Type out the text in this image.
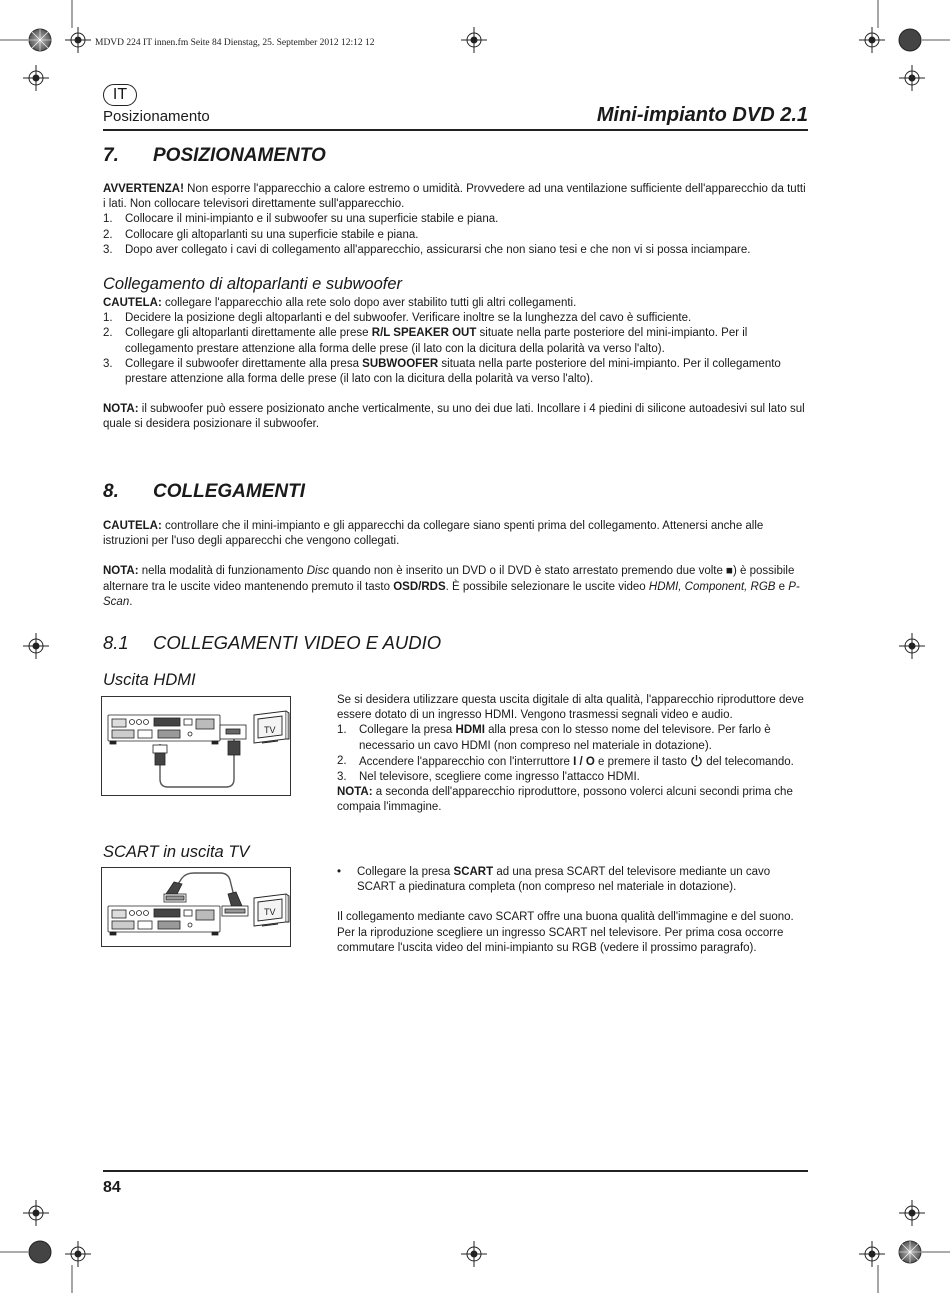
MDVD 224 IT innen.fm Seite 84 Dienstag, 25. September 2012 12:12 12
IT
Posizionamento	Mini-impianto DVD 2.1
7. POSIZIONAMENTO
AVVERTENZA! Non esporre l'apparecchio a calore estremo o umidità. Provvedere ad una ventilazione sufficiente dell'apparecchio da tutti i lati. Non collocare televisori direttamente sull'apparecchio.
1. Collocare il mini-impianto e il subwoofer su una superficie stabile e piana.
2. Collocare gli altoparlanti su una superficie stabile e piana.
3. Dopo aver collegato i cavi di collegamento all'apparecchio, assicurarsi che non siano tesi e che non vi si possa inciampare.
Collegamento di altoparlanti e subwoofer
CAUTELA: collegare l'apparecchio alla rete solo dopo aver stabilito tutti gli altri collegamenti.
1. Decidere la posizione degli altoparlanti e del subwoofer. Verificare inoltre se la lunghezza del cavo è sufficiente.
2. Collegare gli altoparlanti direttamente alle prese R/L SPEAKER OUT situate nella parte posteriore del mini-impianto. Per il collegamento prestare attenzione alla forma delle prese (il lato con la dicitura della polarità va verso l'alto).
3. Collegare il subwoofer direttamente alla presa SUBWOOFER situata nella parte posteriore del mini-impianto. Per il collegamento prestare attenzione alla forma delle prese (il lato con la dicitura della polarità va verso l'alto).
NOTA: il subwoofer può essere posizionato anche verticalmente, su uno dei due lati. Incollare i 4 piedini di silicone autoadesivi sul lato sul quale si desidera posizionare il subwoofer.
8. COLLEGAMENTI
CAUTELA: controllare che il mini-impianto e gli apparecchi da collegare siano spenti prima del collegamento. Attenersi anche alle istruzioni per l'uso degli apparecchi che vengono collegati.
NOTA: nella modalità di funzionamento Disc quando non è inserito un DVD o il DVD è stato arrestato premendo due volte ■) è possibile alternare tra le uscite video mantenendo premuto il tasto OSD/RDS. È possibile selezionare le uscite video HDMI, Component, RGB e P-Scan.
8.1 COLLEGAMENTI VIDEO E AUDIO
Uscita HDMI
TV
Se si desidera utilizzare questa uscita digitale di alta qualità, l'apparecchio riproduttore deve essere dotato di un ingresso HDMI. Vengono trasmessi segnali video e audio.
1. Collegare la presa HDMI alla presa con lo stesso nome del televisore. Per farlo è necessario un cavo HDMI (non compreso nel materiale in dotazione).
2. Accendere l'apparecchio con l'interruttore I / O e premere il tasto  del telecomando.
3. Nel televisore, scegliere come ingresso l'attacco HDMI.
NOTA: a seconda dell'apparecchio riproduttore, possono volerci alcuni secondi prima che compaia l'immagine.
SCART in uscita TV
TV
• Collegare la presa SCART ad una presa SCART del televisore mediante un cavo SCART a piedinatura completa (non compreso nel materiale in dotazione).
Il collegamento mediante cavo SCART offre una buona qualità dell'immagine e del suono. Per la riproduzione scegliere un ingresso SCART nel televisore. Per prima cosa occorre commutare l'uscita video del mini-impianto su RGB (vedere il prossimo paragrafo).
84
